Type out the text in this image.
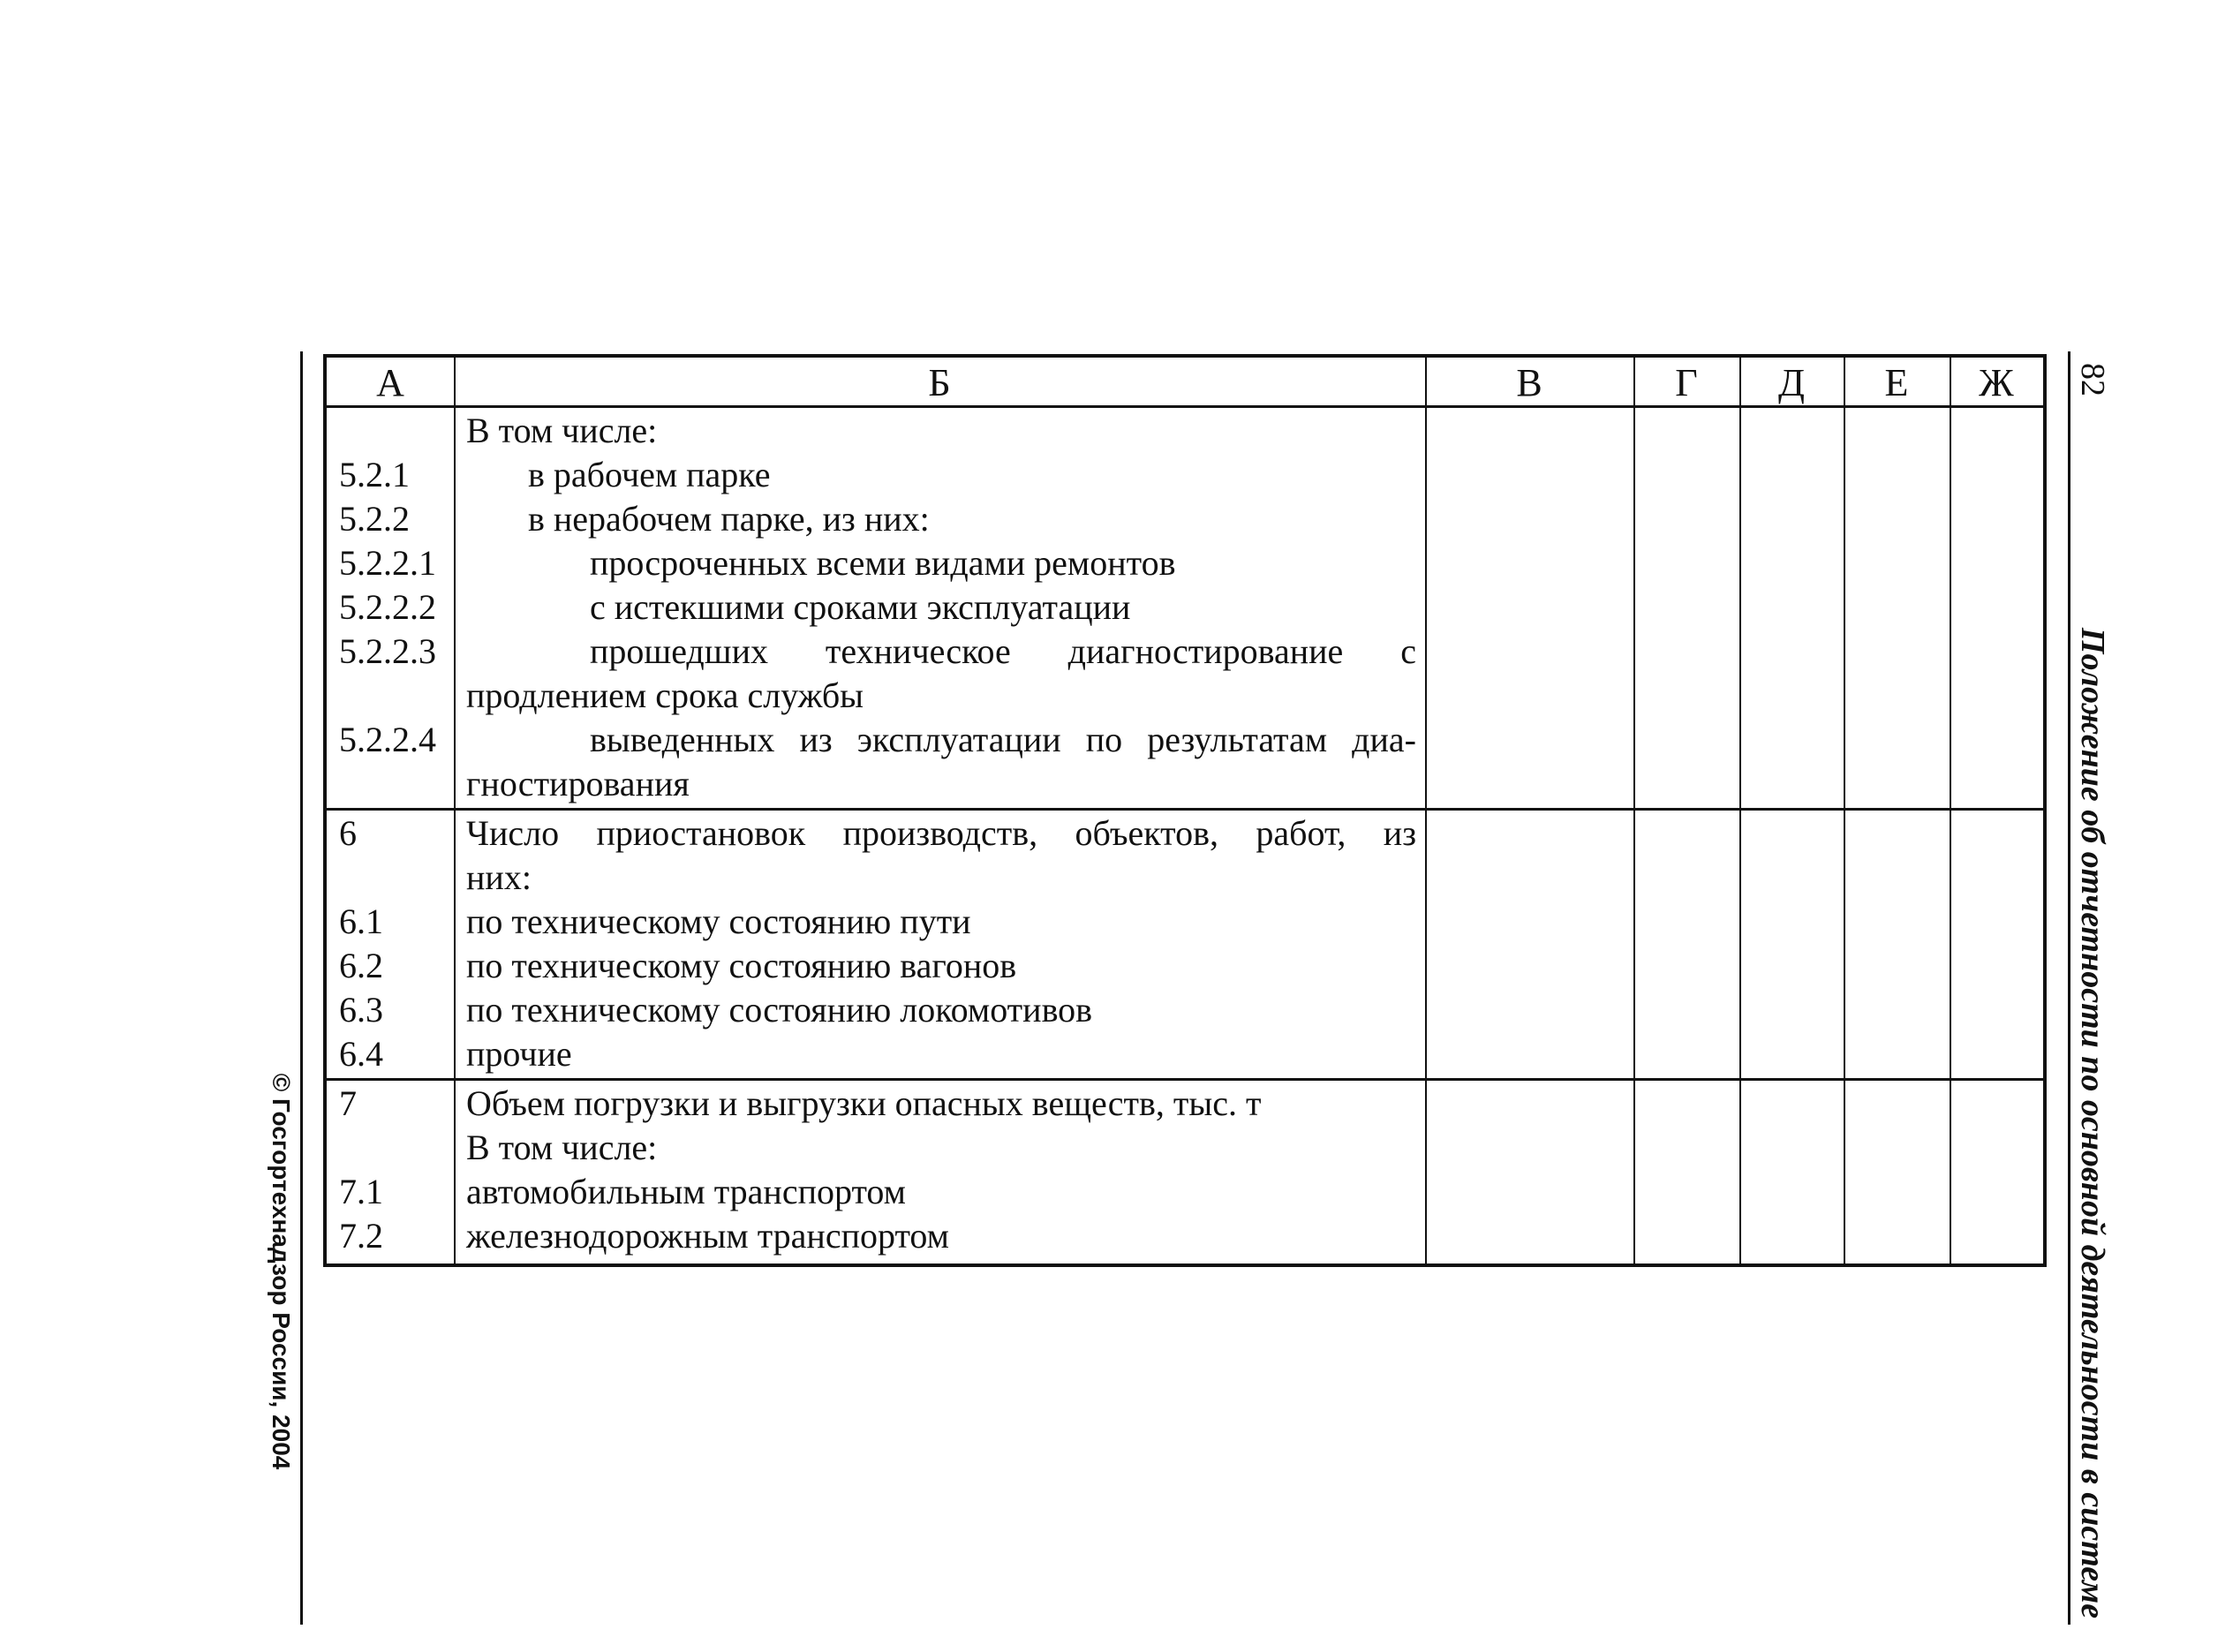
82
Положение об отчетности по основной деятельности в системе
© Госгортехнадзор России, 2004
А	Б	В	Г	Д	Е	Ж
В том числе:
5.2.1	в рабочем парке
5.2.2	в нерабочем парке, из них:
5.2.2.1	просроченных всеми видами ремонтов
5.2.2.2	с истекшими сроками эксплуатации
5.2.2.3	прошедших техническое диагностирование с
продлением срока службы
5.2.2.4	выведенных из эксплуатации по результатам диа-
гностирования
6	Число приостановок производств, объектов, работ, из
них:
6.1 по техническому состоянию пути
6.2 по техническому состоянию вагонов
6.3 по техническому состоянию локомотивов
6.4 прочие
7	Объем погрузки и выгрузки опасных веществ, тыс. т
В том числе:
7.1 автомобильным транспортом
7.2 железнодорожным транспортом
